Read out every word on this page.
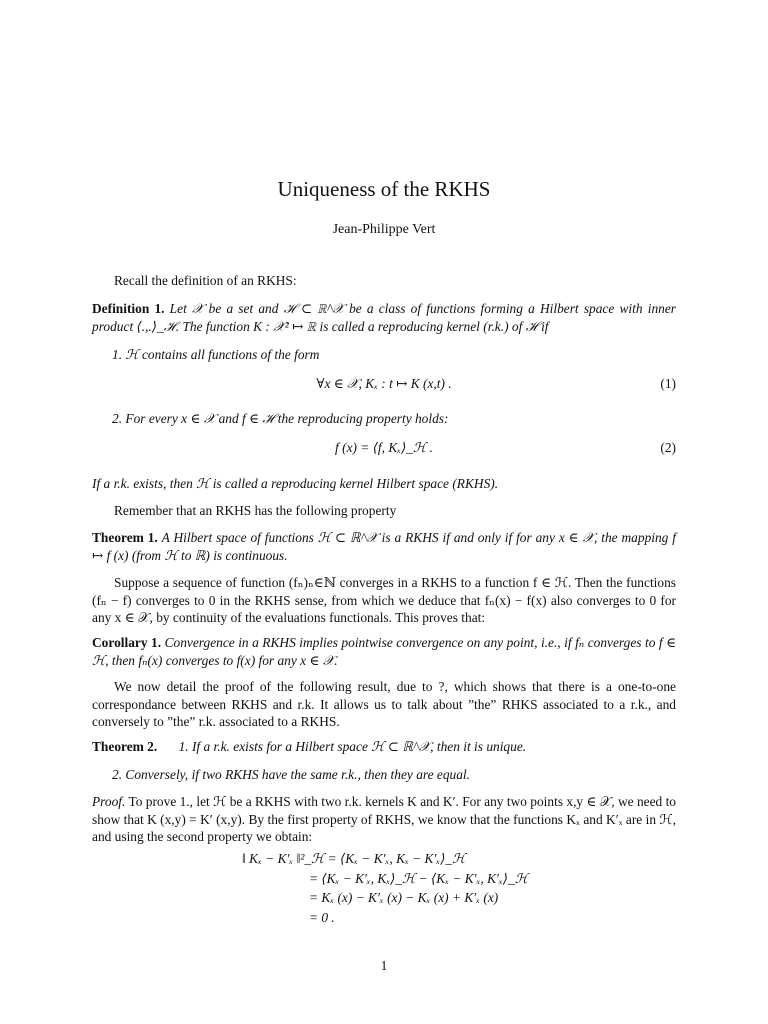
Uniqueness of the RKHS
Jean-Philippe Vert
Recall the definition of an RKHS:
Definition 1. Let 𝒳 be a set and ℋ ⊂ ℝ^𝒳 be a class of functions forming a Hilbert space with inner product ⟨.,.⟩_ℋ. The function K : 𝒳² ↦ ℝ is called a reproducing kernel (r.k.) of ℋ if
1. ℋ contains all functions of the form
∀x ∈ 𝒳, Kₓ : t ↦ K (x,t) .	(1)
2. For every x ∈ 𝒳 and f ∈ ℋ the reproducing property holds:
f (x) = ⟨f, Kₓ⟩_ℋ .	(2)
If a r.k. exists, then ℋ is called a reproducing kernel Hilbert space (RKHS).
Remember that an RKHS has the following property
Theorem 1. A Hilbert space of functions ℋ ⊂ ℝ^𝒳 is a RKHS if and only if for any x ∈ 𝒳, the mapping f ↦ f (x) (from ℋ to ℝ) is continuous.
Suppose a sequence of function (fₙ)ₙ∈ℕ converges in a RKHS to a function f ∈ ℋ. Then the functions (fₙ − f) converges to 0 in the RKHS sense, from which we deduce that fₙ(x) − f(x) also converges to 0 for any x ∈ 𝒳, by continuity of the evaluations functionals. This proves that:
Corollary 1. Convergence in a RKHS implies pointwise convergence on any point, i.e., if fₙ converges to f ∈ ℋ, then fₙ(x) converges to f(x) for any x ∈ 𝒳.
We now detail the proof of the following result, due to ?, which shows that there is a one-to-one correspondance between RKHS and r.k. It allows us to talk about ”the” RHKS associated to a r.k., and conversely to ”the” r.k. associated to a RKHS.
Theorem 2. 1. If a r.k. exists for a Hilbert space ℋ ⊂ ℝ^𝒳, then it is unique.
2. Conversely, if two RKHS have the same r.k., then they are equal.
Proof. To prove 1., let ℋ be a RKHS with two r.k. kernels K and K′. For any two points x,y ∈ 𝒳, we need to show that K (x,y) = K′ (x,y). By the first property of RKHS, we know that the functions Kₓ and K′ₓ are in ℋ, and using the second property we obtain:
‖ Kₓ − K′ₓ ‖²_ℋ = ⟨Kₓ − K′ₓ, Kₓ − K′ₓ⟩_ℋ
= ⟨Kₓ − K′ₓ, Kₓ⟩_ℋ − ⟨Kₓ − K′ₓ, K′ₓ⟩_ℋ
= Kₓ (x) − K′ₓ (x) − Kₓ (x) + K′ₓ (x)
= 0 .
1
